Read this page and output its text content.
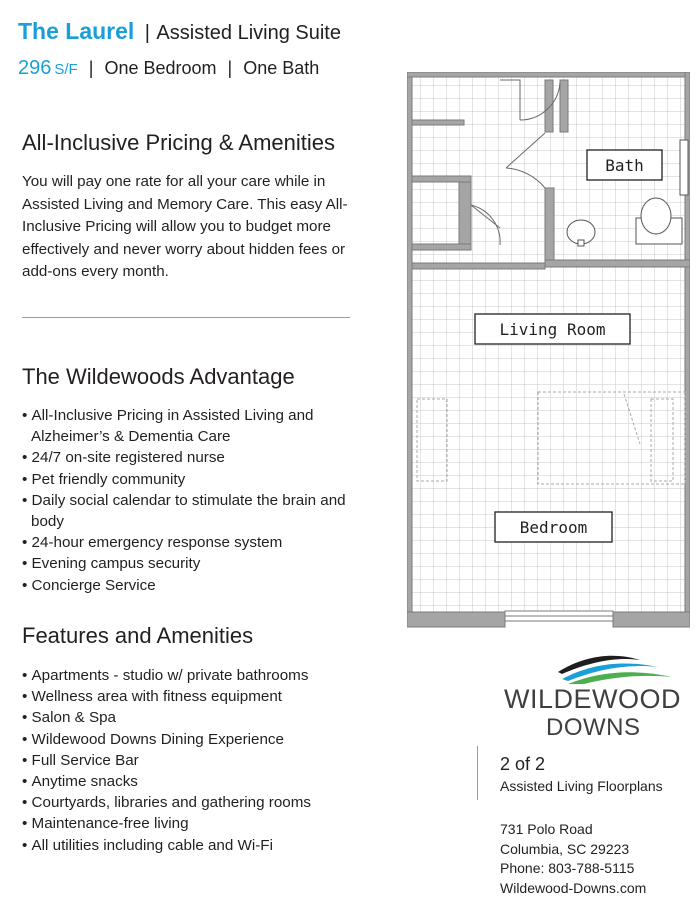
The Laurel | Assisted Living Suite
296 S/F | One Bedroom | One Bath
All-Inclusive Pricing & Amenities
You will pay one rate for all your care while in Assisted Living and Memory Care. This easy All-Inclusive Pricing will allow you to budget more effectively and never worry about hidden fees or add-ons every month.
The Wildewoods Advantage
• All-Inclusive Pricing in Assisted Living and Alzheimer’s & Dementia Care
• 24/7 on-site registered nurse
• Pet friendly community
• Daily social calendar to stimulate the brain and body
• 24-hour emergency response system
• Evening campus security
• Concierge Service
Features and Amenities
• Apartments - studio w/ private bathrooms
• Wellness area with fitness equipment
• Salon & Spa
• Wildewood Downs Dining Experience
• Full Service Bar
• Anytime snacks
• Courtyards, libraries and gathering rooms
• Maintenance-free living
• All utilities including cable and Wi-Fi
Bath
Living Room
Bedroom
WILDEWOOD
DOWNS
2 of 2
Assisted Living Floorplans
731 Polo Road
Columbia, SC 29223
Phone: 803-788-5115
Wildewood-Downs.com
